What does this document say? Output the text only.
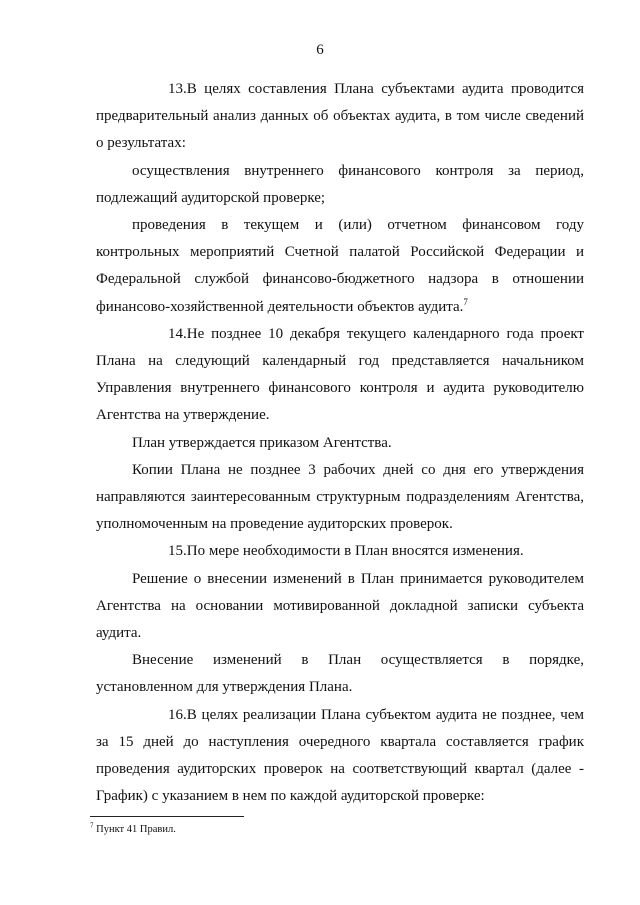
6

13.В целях составления Плана субъектами аудита проводится предварительный анализ данных об объектах аудита, в том числе сведений о результатах:

осуществления внутреннего финансового контроля за период, подлежащий аудиторской проверке;

проведения в текущем и (или) отчетном финансовом году контрольных мероприятий Счетной палатой Российской Федерации и Федеральной службой финансово-бюджетного надзора в отношении финансово-хозяйственной деятельности объектов аудита.$^7$

14.Не позднее 10 декабря текущего календарного года проект Плана на следующий календарный год представляется начальником Управления внутреннего финансового контроля и аудита руководителю Агентства на утверждение.

План утверждается приказом Агентства.

Копии Плана не позднее 3 рабочих дней со дня его утверждения направляются заинтересованным структурным подразделениям Агентства, уполномоченным на проведение аудиторских проверок.

15.По мере необходимости в План вносятся изменения.

Решение о внесении изменений в План принимается руководителем Агентства на основании мотивированной докладной записки субъекта аудита.

Внесение изменений в План осуществляется в порядке, установленном для утверждения Плана.

16.В целях реализации Плана субъектом аудита не позднее, чем за 15 дней до наступления очередного квартала составляется график проведения аудиторских проверок на соответствующий квартал (далее - График) с указанием в нем по каждой аудиторской проверке:

$^7$ Пункт 41 Правил.
